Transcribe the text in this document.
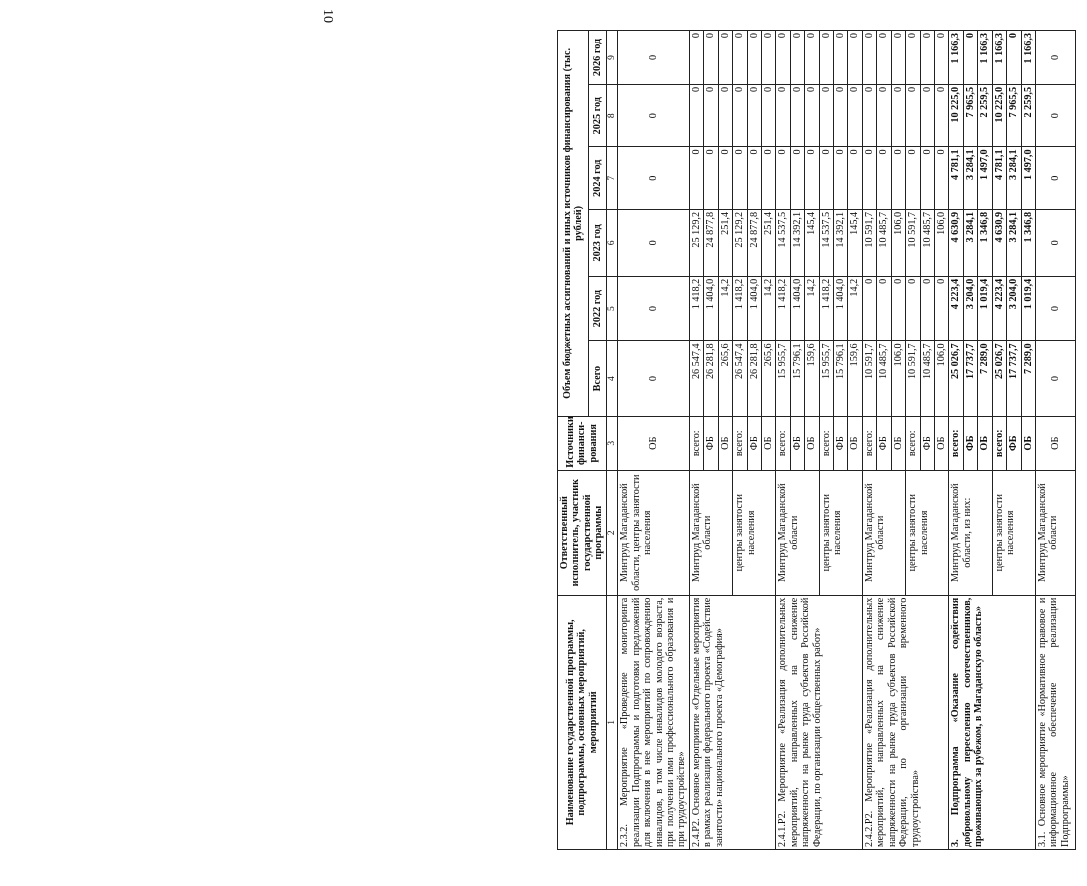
10
Наименование государственной программы, подпрограммы, основных мероприятий, мероприятий	Ответственный исполнитель, участник государственной программы	Источники финансирования	Объем бюджетных ассигнований и иных источников финансирования (тыс. рублей)					
			Всего	2022 год	2023 год	2024 год	2025 год	2026 год
1	2	3	4	5	6	7	8	9
2.3.2. Мероприятие «Проведение мониторинга реализации Подпрограммы и подготовки предложений для включения в нее мероприятий по сопровождению инвалидов, в том числе инвалидов молодого возраста, при получении ими профессионального образования и при трудоустройстве»	Минтруд Магаданской области, центры занятости населения	ОБ	0	0	0	0	0	0
2.4.Р2. Основное мероприятие «Отдельные мероприятия в рамках реализации федерального проекта «Содействие занятости» национального проекта «Демография»	Минтруд Магаданской области	всего:	26 547,4	1 418,2	25 129,2	0	0	0
		ФБ	26 281,8	1 404,0	24 877,8	0	0	0
		ОБ	265,6	14,2	251,4	0	0	0
	центры занятости населения	всего:	26 547,4	1 418,2	25 129,2	0	0	0
		ФБ	26 281,8	1 404,0	24 877,8	0	0	0
		ОБ	265,6	14,2	251,4	0	0	0
2.4.1.Р2. Мероприятие «Реализация дополнительных мероприятий, направленных на снижение напряженности на рынке труда субъектов Российской Федерации, по организации общественных работ»	Минтруд Магаданской области	всего:	15 955,7	1 418,2	14 537,5	0	0	0
		ФБ	15 796,1	1 404,0	14 392,1	0	0	0
		ОБ	159,6	14,2	145,4	0	0	0
	центры занятости населения	всего:	15 955,7	1 418,2	14 537,5	0	0	0
		ФБ	15 796,1	1 404,0	14 392,1	0	0	0
		ОБ	159,6	14,2	145,4	0	0	0
2.4.2.Р2. Мероприятие «Реализация дополнительных мероприятий, направленных на снижение напряженности на рынке труда субъектов Российской Федерации, по организации временного трудоустройства»	Минтруд Магаданской области	всего:	10 591,7	0	10 591,7	0	0	0
		ФБ	10 485,7	0	10 485,7	0	0	0
		ОБ	106,0	0	106,0	0	0	0
	центры занятости населения	всего:	10 591,7	0	10 591,7	0	0	0
		ФБ	10 485,7	0	10 485,7	0	0	0
		ОБ	106,0	0	106,0	0	0	0
3. Подпрограмма «Оказание содействия добровольному переселению соотечественников, проживающих за рубежом, в Магаданскую область»	Минтруд Магаданской области, из них:	всего:	25 026,7	4 223,4	4 630,9	4 781,1	10 225,0	1 166,3
		ФБ	17 737,7	3 204,0	3 284,1	3 284,1	7 965,5	0
		ОБ	7 289,0	1 019,4	1 346,8	1 497,0	2 259,5	1 166,3
	центры занятости населения	всего:	25 026,7	4 223,4	4 630,9	4 781,1	10 225,0	1 166,3
		ФБ	17 737,7	3 204,0	3 284,1	3 284,1	7 965,5	0
		ОБ	7 289,0	1 019,4	1 346,8	1 497,0	2 259,5	1 166,3
3.1. Основное мероприятие «Нормативное правовое и информационное обеспечение реализации Подпрограммы»	Минтруд Магаданской области	ОБ	0	0	0	0	0	0
